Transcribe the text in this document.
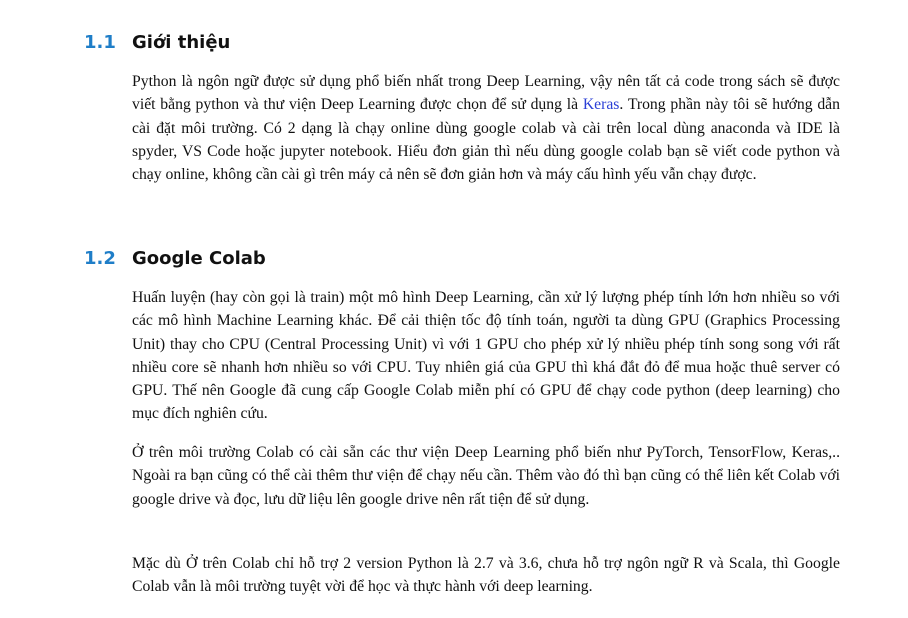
1.1 Giới thiệu

Python là ngôn ngữ được sử dụng phổ biến nhất trong Deep Learning, vậy nên tất cả code trong sách sẽ được viết bằng python và thư viện Deep Learning được chọn để sử dụng là Keras. Trong phần này tôi sẽ hướng dẫn cài đặt môi trường. Có 2 dạng là chạy online dùng google colab và cài trên local dùng anaconda và IDE là spyder, VS Code hoặc jupyter notebook. Hiểu đơn giản thì nếu dùng google colab bạn sẽ viết code python và chạy online, không cần cài gì trên máy cả nên sẽ đơn giản hơn và máy cấu hình yếu vẫn chạy được.

1.2 Google Colab

Huấn luyện (hay còn gọi là train) một mô hình Deep Learning, cần xử lý lượng phép tính lớn hơn nhiều so với các mô hình Machine Learning khác. Để cải thiện tốc độ tính toán, người ta dùng GPU (Graphics Processing Unit) thay cho CPU (Central Processing Unit) vì với 1 GPU cho phép xử lý nhiều phép tính song song với rất nhiều core sẽ nhanh hơn nhiều so với CPU. Tuy nhiên giá của GPU thì khá đắt đỏ để mua hoặc thuê server có GPU. Thế nên Google đã cung cấp Google Colab miễn phí có GPU để chạy code python (deep learning) cho mục đích nghiên cứu.

Ở trên môi trường Colab có cài sẵn các thư viện Deep Learning phổ biến như PyTorch, TensorFlow, Keras,.. Ngoài ra bạn cũng có thể cài thêm thư viện để chạy nếu cần. Thêm vào đó thì bạn cũng có thể liên kết Colab với google drive và đọc, lưu dữ liệu lên google drive nên rất tiện để sử dụng.

Mặc dù Ở trên Colab chỉ hỗ trợ 2 version Python là 2.7 và 3.6, chưa hỗ trợ ngôn ngữ R và Scala, thì Google Colab vẫn là môi trường tuyệt vời để học và thực hành với deep learning.
